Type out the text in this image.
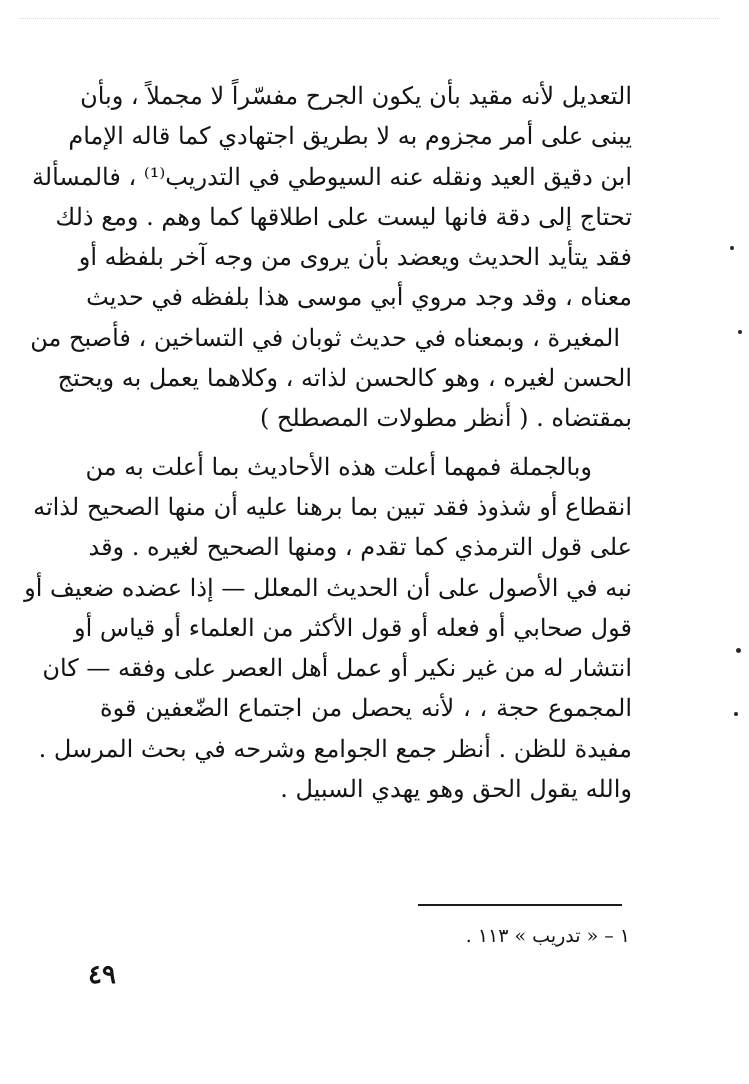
التعديل لأنه مقيد بأن يكون الجرح مفسّراً لا مجملاً ، وبأن
يبنى على أمر مجزوم به لا بطريق اجتهادي كما قاله الإمام
ابن دقيق العيد ونقله عنه السيوطي في التدريب⁽¹⁾ ، فالمسألة
تحتاج إلى دقة فانها ليست على اطلاقها كما وهم . ومع ذلك
فقد يتأيد الحديث ويعضد بأن يروى من وجه آخر بلفظه أو
معناه ، وقد وجد مروي أبي موسى هذا بلفظه في حديث
المغيرة ، وبمعناه في حديث ثوبان في التساخين ، فأصبح من
الحسن لغيره ، وهو كالحسن لذاته ، وكلاهما يعمل به ويحتج
بمقتضاه . ( أنظر مطولات المصطلح )
وبالجملة فمهما أعلت هذه الأحاديث بما أعلت به من
انقطاع أو شذوذ فقد تبين بما برهنا عليه أن منها الصحيح لذاته
على قول الترمذي كما تقدم ، ومنها الصحيح لغيره . وقد
نبه في الأصول على أن الحديث المعلل — إذا عضده ضعيف أو
قول صحابي أو فعله أو قول الأكثر من العلماء أو قياس أو
انتشار له من غير نكير أو عمل أهل العصر على وفقه — كان
المجموع حجة ، ، لأنه يحصل من اجتماع الضّعفين قوة
مفيدة للظن . أنظر جمع الجوامع وشرحه في بحث المرسل .
والله يقول الحق وهو يهدي السبيل .
١ – « تدريب » ١١٣ .
٤٩
